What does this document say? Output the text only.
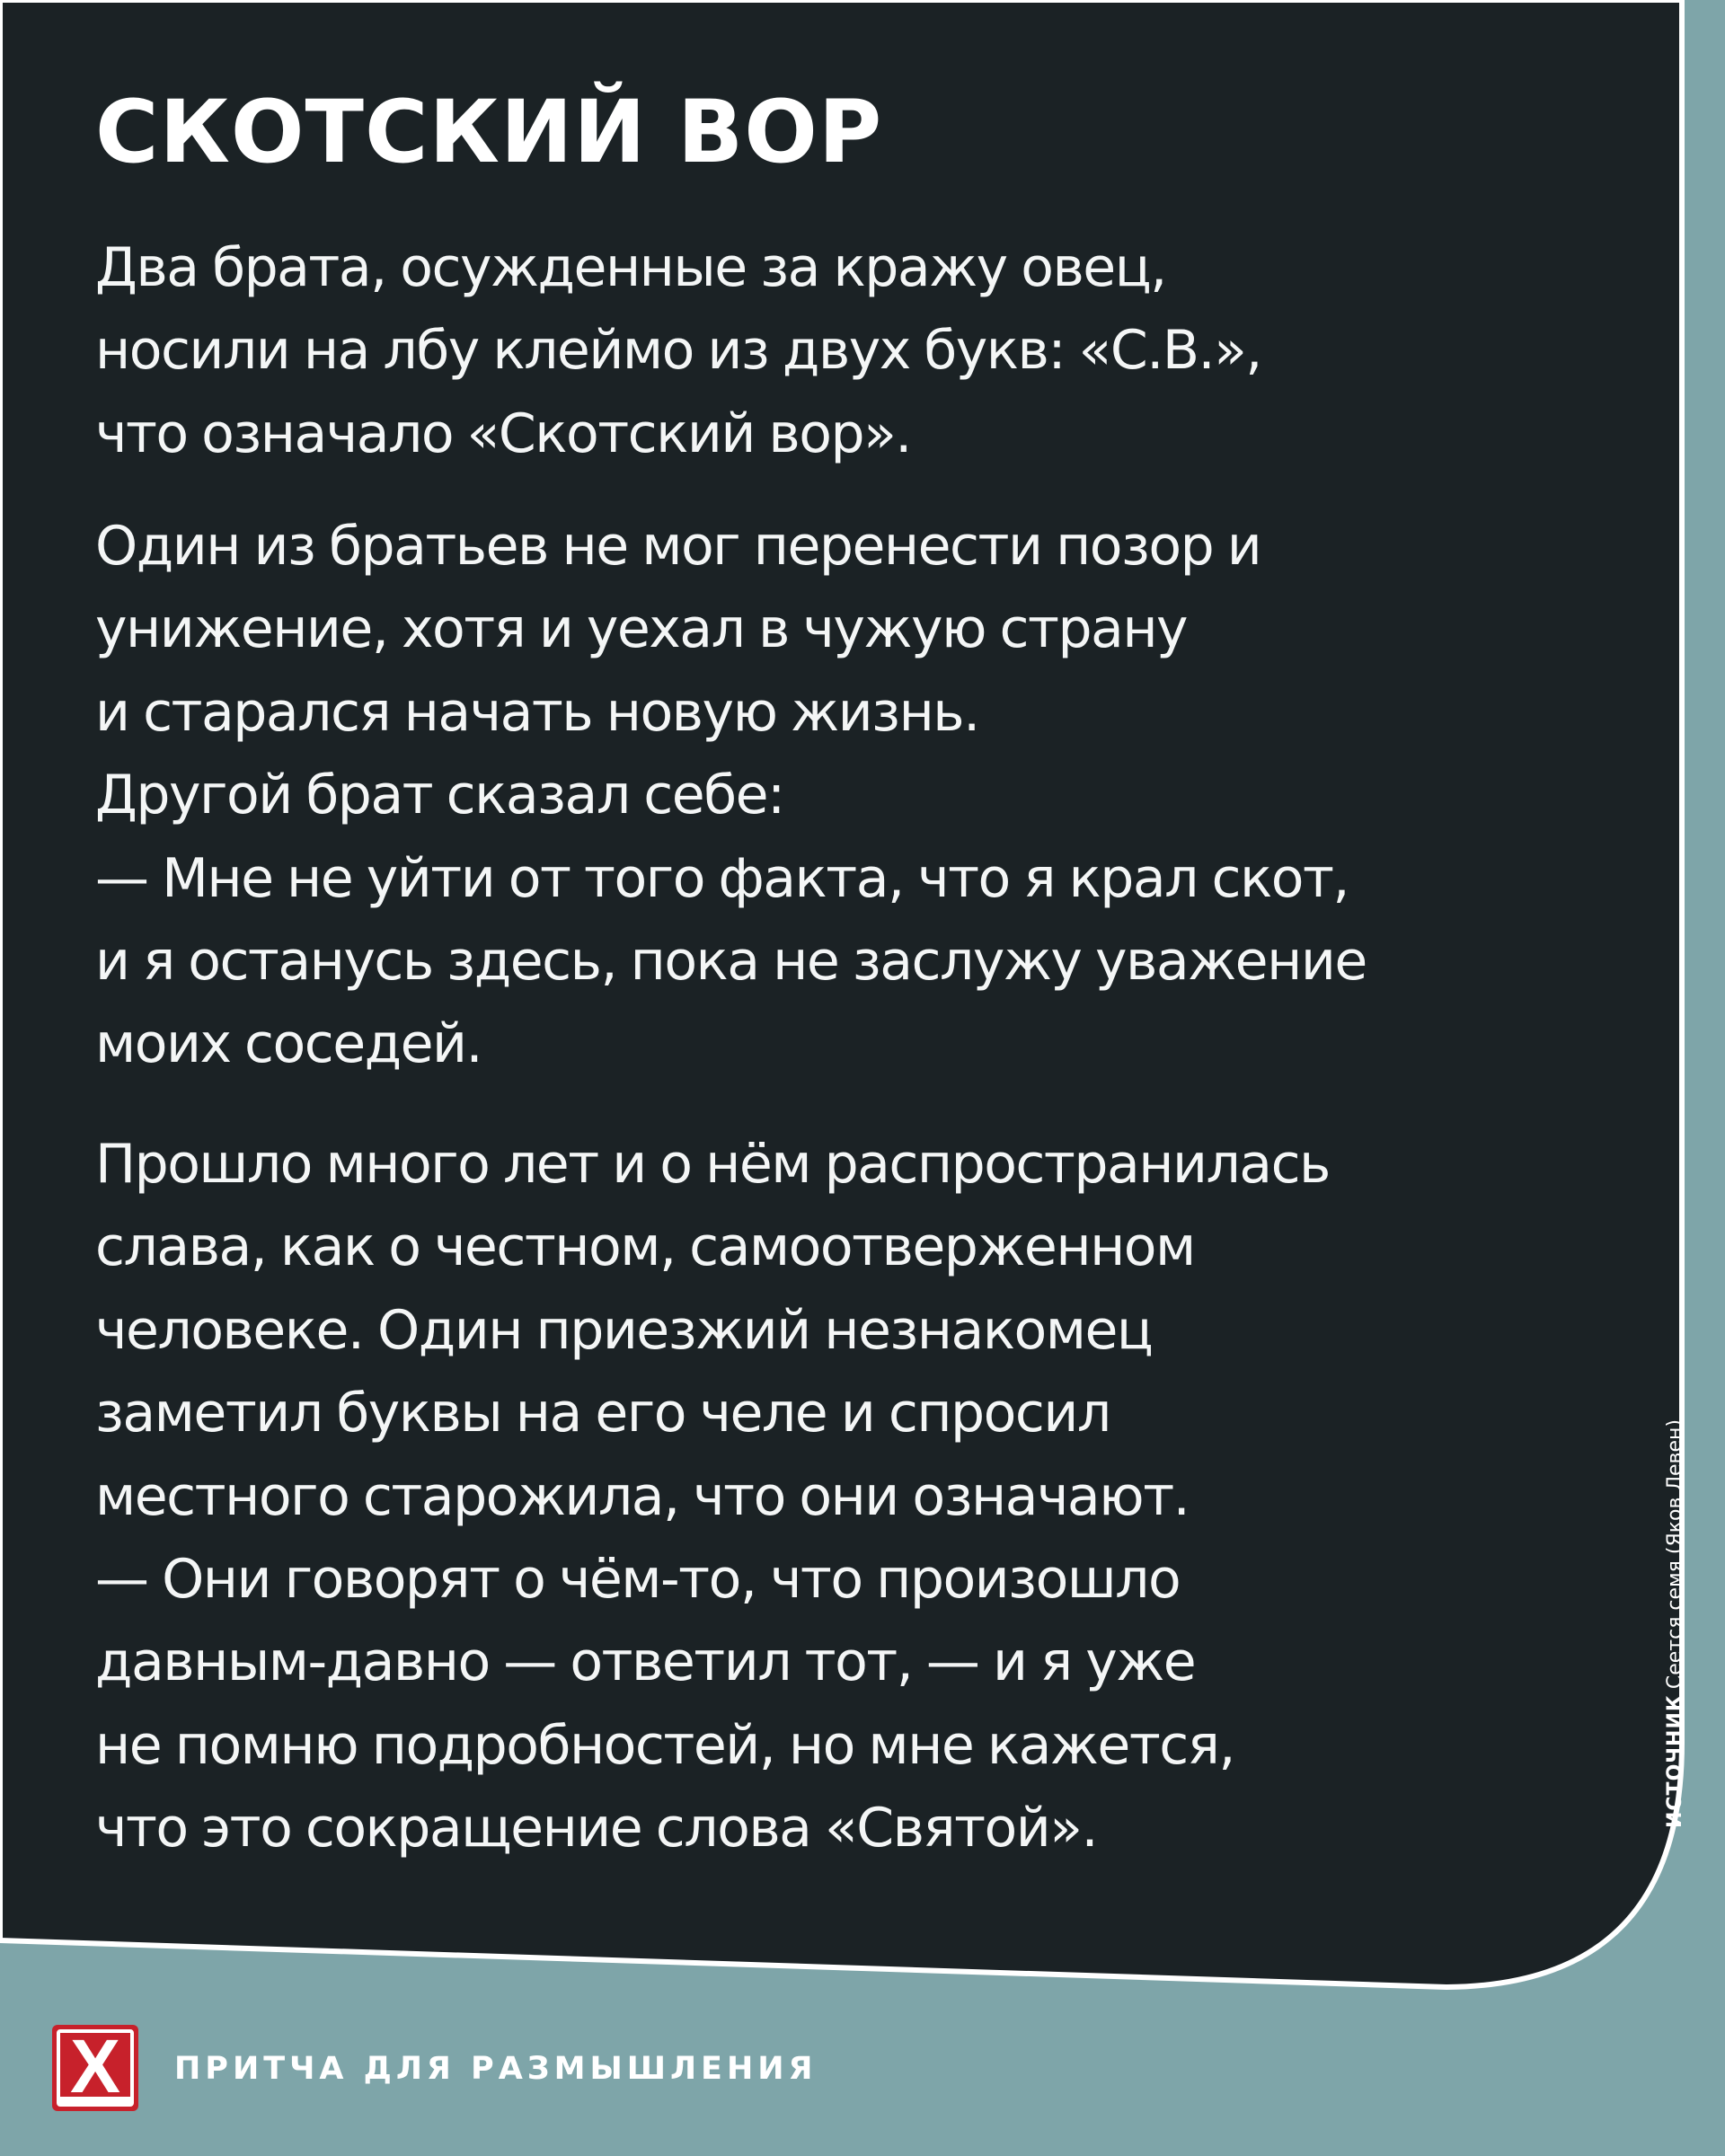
СКОТСКИЙ ВОР
Два брата, осужденные за кражу овец,
носили на лбу клеймо из двух букв: «С.В.»,
что означало «Скотский вор».
Один из братьев не мог перенести позор и
унижение, хотя и уехал в чужую страну
и старался начать новую жизнь.
Другой брат сказал себе:
— Мне не уйти от того факта, что я крал скот,
и я останусь здесь, пока не заслужу уважение
моих соседей.
Прошло много лет и о нём распространилась
слава, как о честном, самоотверженном
человеке. Один приезжий незнакомец
заметил буквы на его челе и спросил
местного старожила, что они означают.
— Они говорят о чём-то, что произошло
давным-давно — ответил тот, — и я уже
не помню подробностей, но мне кажется,
что это сокращение слова «Святой».
ИСТОЧНИКСеется семя (Яков Левен)
X ПРИТЧА ДЛЯ РАЗМЫШЛЕНИЯ
